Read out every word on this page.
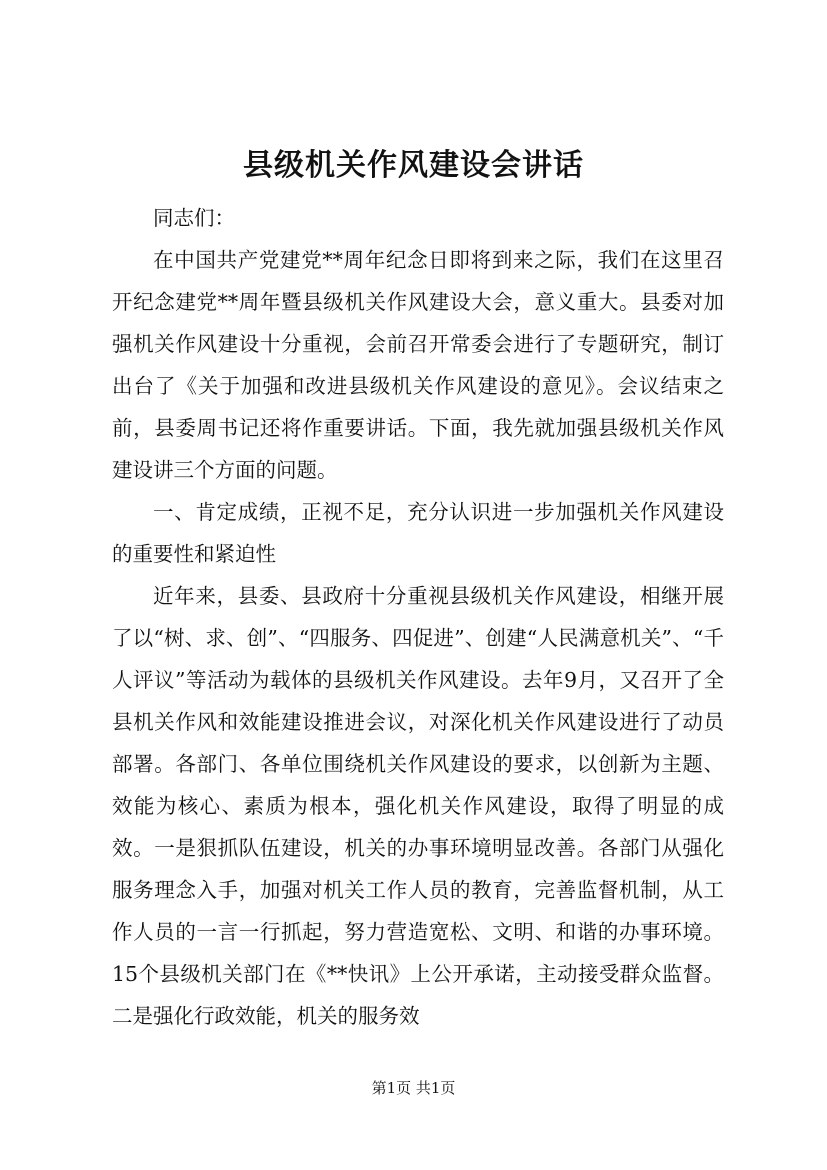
县级机关作风建设会讲话

同志们：

在中国共产党建党**周年纪念日即将到来之际，我们在这里召开纪念建党**周年暨县级机关作风建设大会，意义重大。县委对加强机关作风建设十分重视，会前召开常委会进行了专题研究，制订出台了《关于加强和改进县级机关作风建设的意见》。会议结束之前，县委周书记还将作重要讲话。下面，我先就加强县级机关作风建设讲三个方面的问题。

一、肯定成绩，正视不足，充分认识进一步加强机关作风建设的重要性和紧迫性

近年来，县委、县政府十分重视县级机关作风建设，相继开展了以“树、求、创”、“四服务、四促进”、创建“人民满意机关”、“千人评议”等活动为载体的县级机关作风建设。去年9月，又召开了全县机关作风和效能建设推进会议，对深化机关作风建设进行了动员部署。各部门、各单位围绕机关作风建设的要求，以创新为主题、效能为核心、素质为根本，强化机关作风建设，取得了明显的成效。一是狠抓队伍建设，机关的办事环境明显改善。各部门从强化服务理念入手，加强对机关工作人员的教育，完善监督机制，从工作人员的一言一行抓起，努力营造宽松、文明、和谐的办事环境。15个县级机关部门在《**快讯》上公开承诺，主动接受群众监督。二是强化行政效能，机关的服务效

第1页 共1页
